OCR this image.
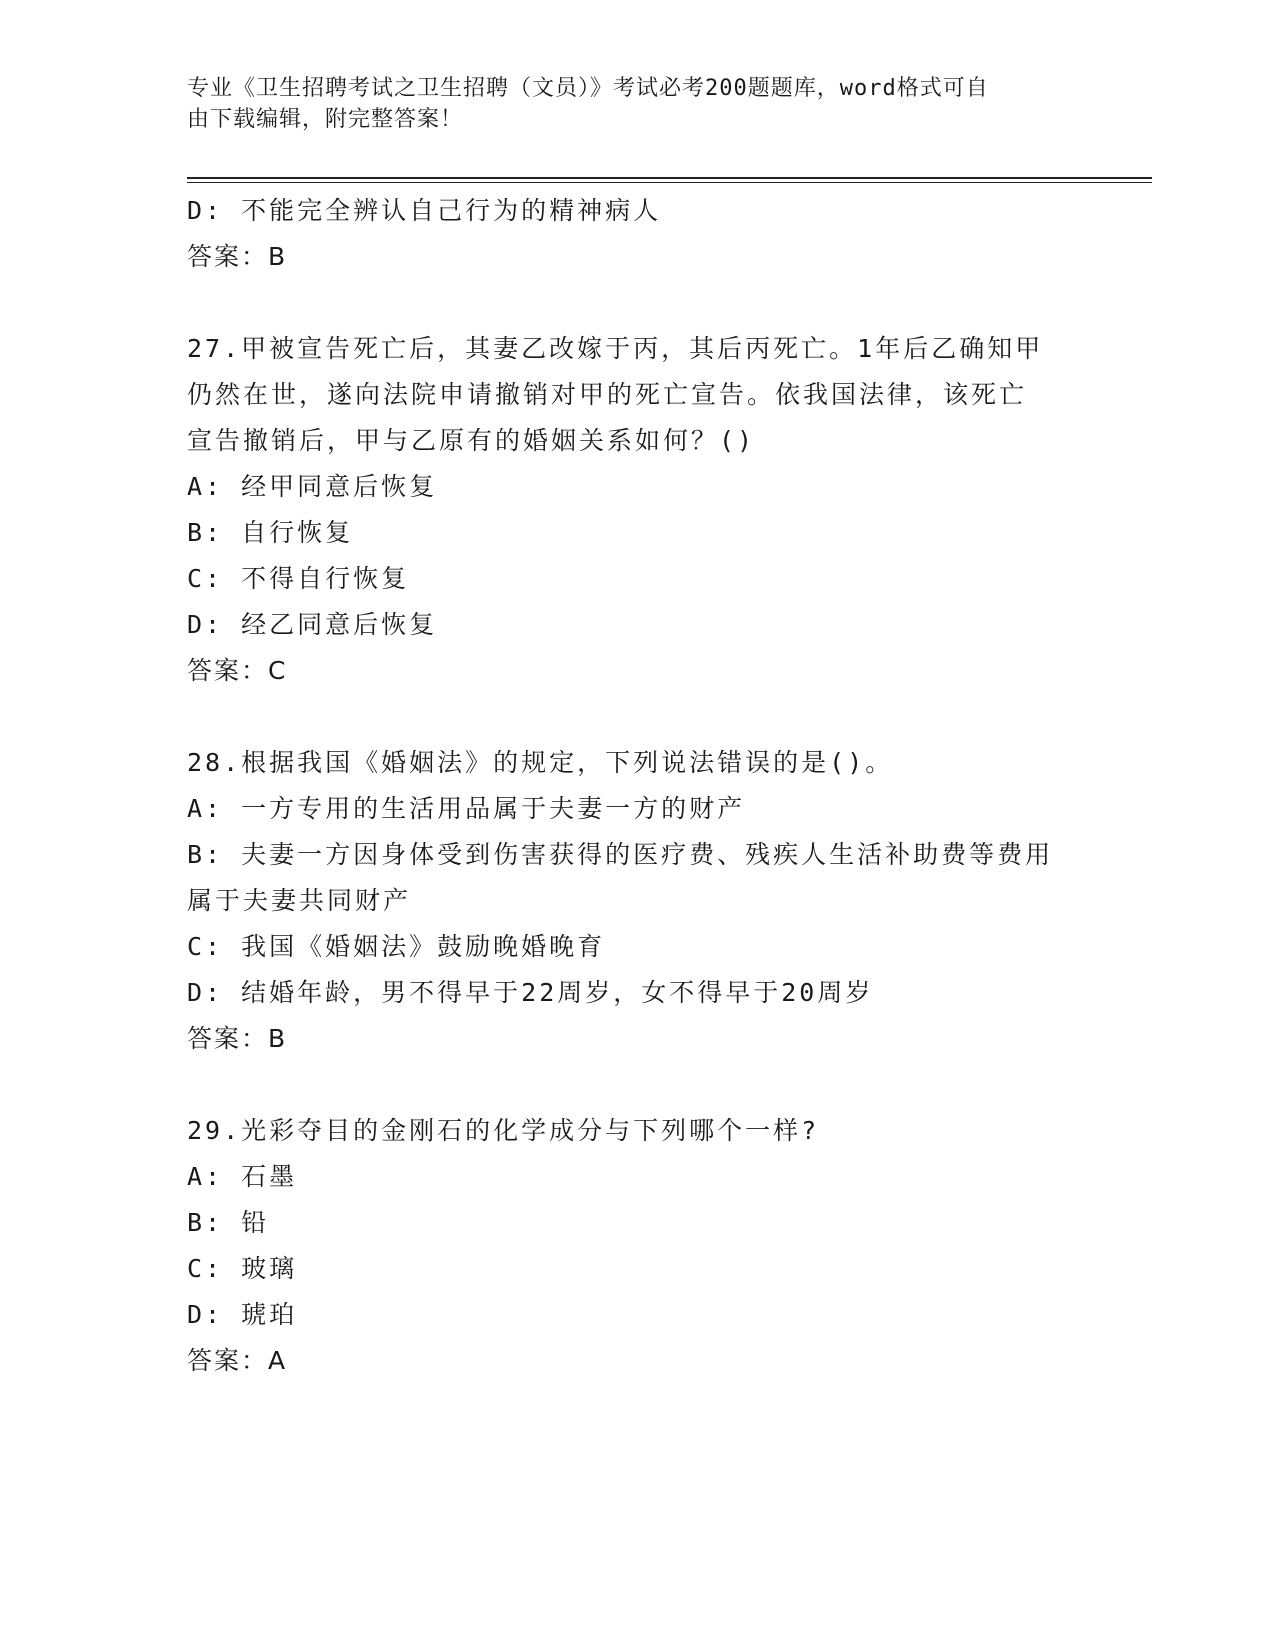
专业《卫生招聘考试之卫生招聘（文员）》考试必考200题题库，word格式可自
由下载编辑，附完整答案！
D: 不能完全辨认自己行为的精神病人
答案：B
27.甲被宣告死亡后，其妻乙改嫁于丙，其后丙死亡。1年后乙确知甲
仍然在世，遂向法院申请撤销对甲的死亡宣告。依我国法律，该死亡
宣告撤销后，甲与乙原有的婚姻关系如何？()
A: 经甲同意后恢复
B: 自行恢复
C: 不得自行恢复
D: 经乙同意后恢复
答案：C
28.根据我国《婚姻法》的规定，下列说法错误的是()。
A: 一方专用的生活用品属于夫妻一方的财产
B: 夫妻一方因身体受到伤害获得的医疗费、残疾人生活补助费等费用
属于夫妻共同财产
C: 我国《婚姻法》鼓励晚婚晚育
D: 结婚年龄，男不得早于22周岁，女不得早于20周岁
答案：B
29.光彩夺目的金刚石的化学成分与下列哪个一样?
A: 石墨
B: 铅
C: 玻璃
D: 琥珀
答案：A
